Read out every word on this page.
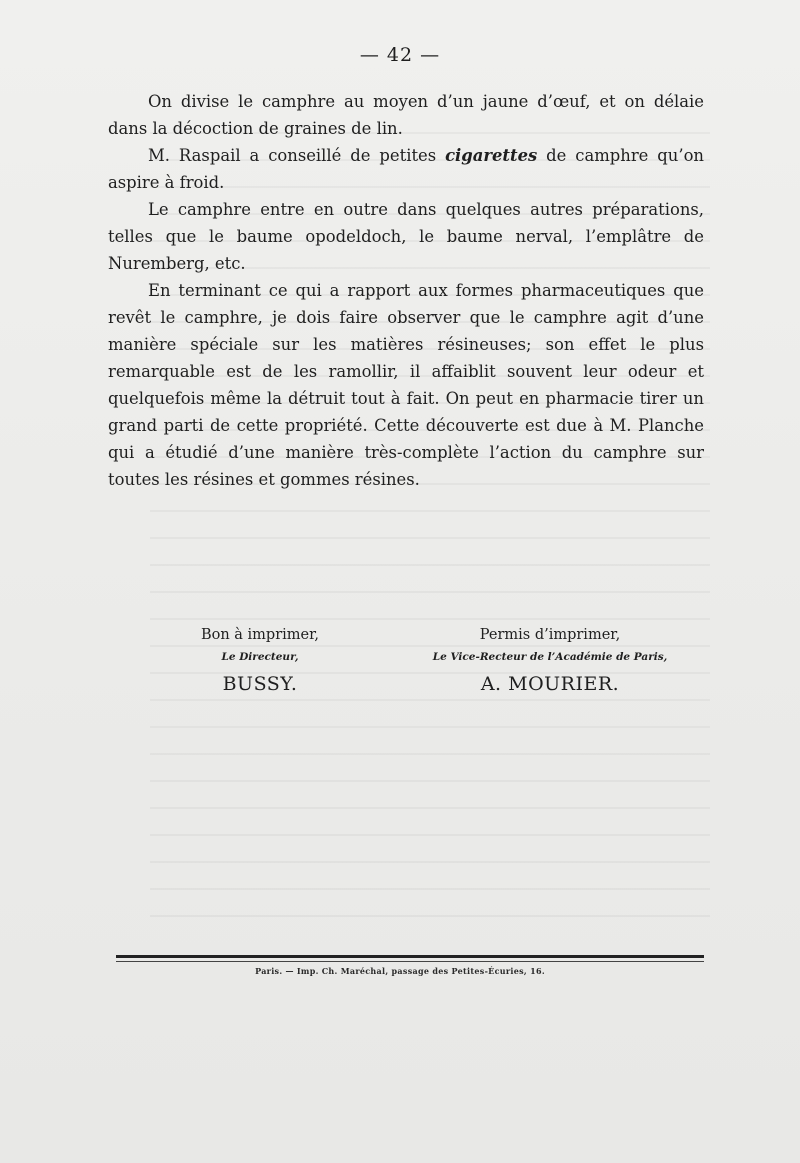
— 42 —

On divise le camphre au moyen d’un jaune d’œuf, et on délaie dans la décoction de graines de lin.

M. Raspail a conseillé de petites cigarettes de camphre qu’on aspire à froid.

Le camphre entre en outre dans quelques autres préparations, telles que le baume opodeldoch, le baume nerval, l’emplâtre de Nuremberg, etc.

En terminant ce qui a rapport aux formes pharmaceutiques que revêt le camphre, je dois faire observer que le camphre agit d’une manière spéciale sur les matières résineuses; son effet le plus remarquable est de les ramollir, il affaiblit souvent leur odeur et quelquefois même la détruit tout à fait. On peut en pharmacie tirer un grand parti de cette propriété. Cette découverte est due à M. Planche qui a étudié d’une manière très-complète l’action du camphre sur toutes les résines et gommes résines.

Bon à imprimer,

Le Directeur,

BUSSY.

Permis d’imprimer,

Le Vice-Recteur de l’Académie de Paris,

A. MOURIER.

Paris. — Imp. Ch. Maréchal, passage des Petites-Écuries, 16.
